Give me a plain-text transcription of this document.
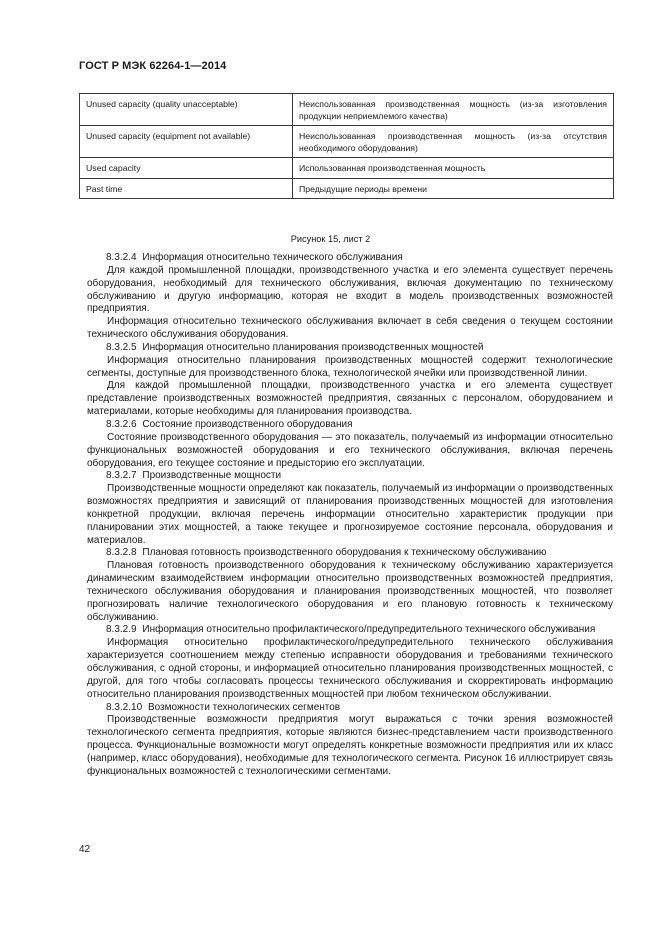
ГОСТ Р МЭК 62264-1—2014
Unused capacity (quality unacceptable)	Неиспользованная производственная мощность (из-за изготовления продукции неприемлемого качества)
Unused capacity (equipment not available)	Неиспользованная производственная мощность (из-за отсутствия необходимого оборудования)
Used capacity	Использованная производственная мощность
Past time	Предыдущие периоды времени
Рисунок 15, лист 2

8.3.2.4 Информация относительно технического обслуживания

Для каждой промышленной площадки, производственного участка и его элемента существует перечень оборудования, необходимый для технического обслуживания, включая документацию по техническому обслуживанию и другую информацию, которая не входит в модель производственных возможностей предприятия.

Информация относительно технического обслуживания включает в себя сведения о текущем состоянии технического обслуживания оборудования.

8.3.2.5 Информация относительно планирования производственных мощностей

Информация относительно планирования производственных мощностей содержит технологические сегменты, доступные для производственного блока, технологической ячейки или производственной линии.

Для каждой промышленной площадки, производственного участка и его элемента существует представление производственных возможностей предприятия, связанных с персоналом, оборудованием и материалами, которые необходимы для планирования производства.

8.3.2.6 Состояние производственного оборудования

Состояние производственного оборудования — это показатель, получаемый из информации относительно функциональных возможностей оборудования и его технического обслуживания, включая перечень оборудования, его текущее состояние и предысторию его эксплуатации.

8.3.2.7 Производственные мощности

Производственные мощности определяют как показатель, получаемый из информации о производственных возможностях предприятия и зависящий от планирования производственных мощностей для изготовления конкретной продукции, включая перечень информации относительно характеристик продукции при планировании этих мощностей, а также текущее и прогнозируемое состояние персонала, оборудования и материалов.

8.3.2.8 Плановая готовность производственного оборудования к техническому обслуживанию

Плановая готовность производственного оборудования к техническому обслуживанию характеризуется динамическим взаимодействием информации относительно производственных возможностей предприятия, технического обслуживания оборудования и планирования производственных мощностей, что позволяет прогнозировать наличие технологического оборудования и его плановую готовность к техническому обслуживанию.

8.3.2.9 Информация относительно профилактического/предупредительного технического обслуживания

Информация относительно профилактического/предупредительного технического обслуживания характеризуется соотношением между степенью исправности оборудования и требованиями технического обслуживания, с одной стороны, и информацией относительно планирования производственных мощностей, с другой, для того чтобы согласовать процессы технического обслуживания и скорректировать информацию относительно планирования производственных мощностей при любом техническом обслуживании.

8.3.2.10 Возможности технологических сегментов

Производственные возможности предприятия могут выражаться с точки зрения возможностей технологического сегмента предприятия, которые являются бизнес-представлением части производственного процесса. Функциональные возможности могут определять конкретные возможности предприятия или их класс (например, класс оборудования), необходимые для технологического сегмента. Рисунок 16 иллюстрирует связь функциональных возможностей с технологическими сегментами.

42
